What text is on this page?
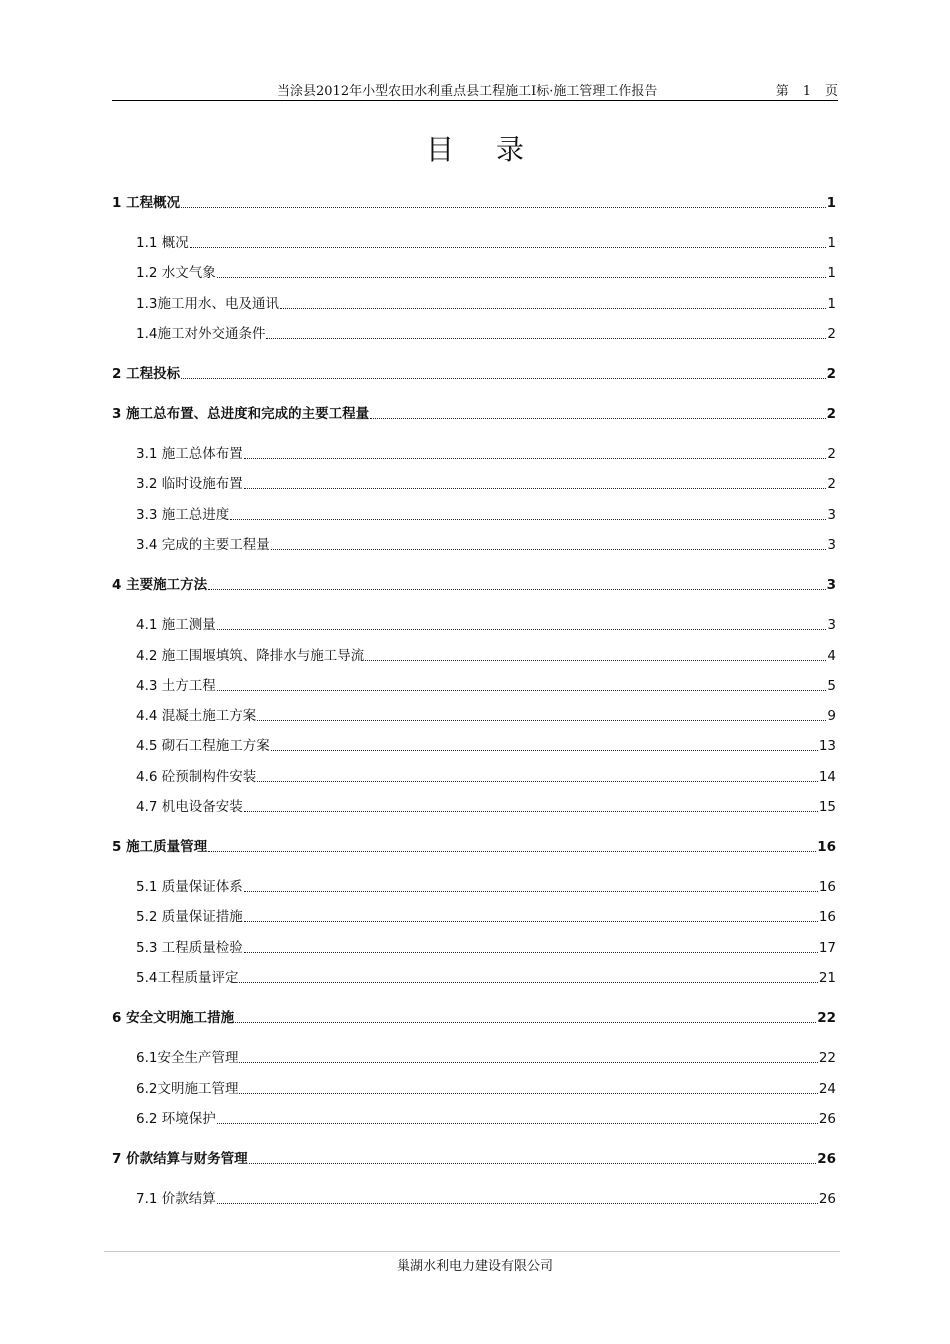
当涂县2012年小型农田水利重点县工程施工I标·施工管理工作报告	第 1 页
目录
1 工程概况	1
1.1 概况	1
1.2 水文气象	1
1.3 施工用水、电及通讯	1
1.4 施工对外交通条件	2
2 工程投标	2
3 施工总布置、总进度和完成的主要工程量	2
3.1 施工总体布置	2
3.2 临时设施布置	2
3.3 施工总进度	3
3.4 完成的主要工程量	3
4 主要施工方法	3
4.1 施工测量	3
4.2 施工围堰填筑、降排水与施工导流	4
4.3 土方工程	5
4.4 混凝土施工方案	9
4.5 砌石工程施工方案	13
4.6 砼预制构件安装	14
4.7 机电设备安装	15
5 施工质量管理	16
5.1 质量保证体系	16
5.2 质量保证措施	16
5.3 工程质量检验	17
5.4 工程质量评定	21
6 安全文明施工措施	22
6.1 安全生产管理	22
6.2 文明施工管理	24
6.2 环境保护	26
7 价款结算与财务管理	26
7.1 价款结算	26
巢湖水利电力建设有限公司
